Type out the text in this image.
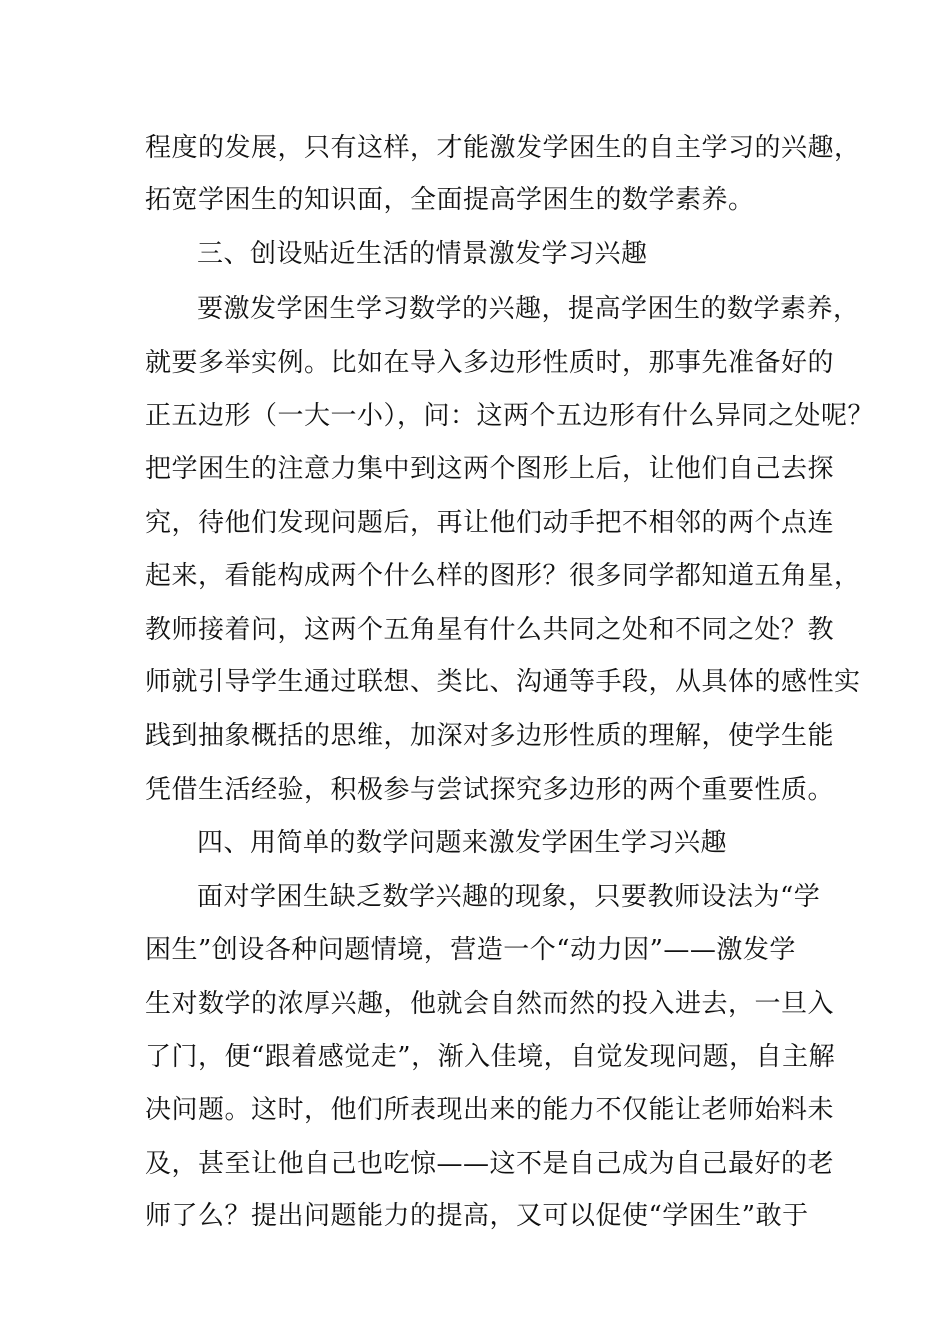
程度的发展，只有这样，才能激发学困生的自主学习的兴趣，

拓宽学困生的知识面，全面提高学困生的数学素养。

三、创设贴近生活的情景激发学习兴趣

要激发学困生学习数学的兴趣，提高学困生的数学素养，

就要多举实例。比如在导入多边形性质时，那事先准备好的

正五边形（一大一小），问：这两个五边形有什么异同之处呢？

把学困生的注意力集中到这两个图形上后，让他们自己去探

究，待他们发现问题后，再让他们动手把不相邻的两个点连

起来，看能构成两个什么样的图形？很多同学都知道五角星，

教师接着问，这两个五角星有什么共同之处和不同之处？教

师就引导学生通过联想、类比、沟通等手段，从具体的感性实

践到抽象概括的思维，加深对多边形性质的理解，使学生能

凭借生活经验，积极参与尝试探究多边形的两个重要性质。

四、用简单的数学问题来激发学困生学习兴趣

面对学困生缺乏数学兴趣的现象，只要教师设法为“学

困生”创设各种问题情境，营造一个“动力因”——激发学

生对数学的浓厚兴趣，他就会自然而然的投入进去，一旦入

了门，便“跟着感觉走”，渐入佳境，自觉发现问题，自主解

决问题。这时，他们所表现出来的能力不仅能让老师始料未

及，甚至让他自己也吃惊——这不是自己成为自己最好的老

师了么？提出问题能力的提高，又可以促使“学困生”敢于
